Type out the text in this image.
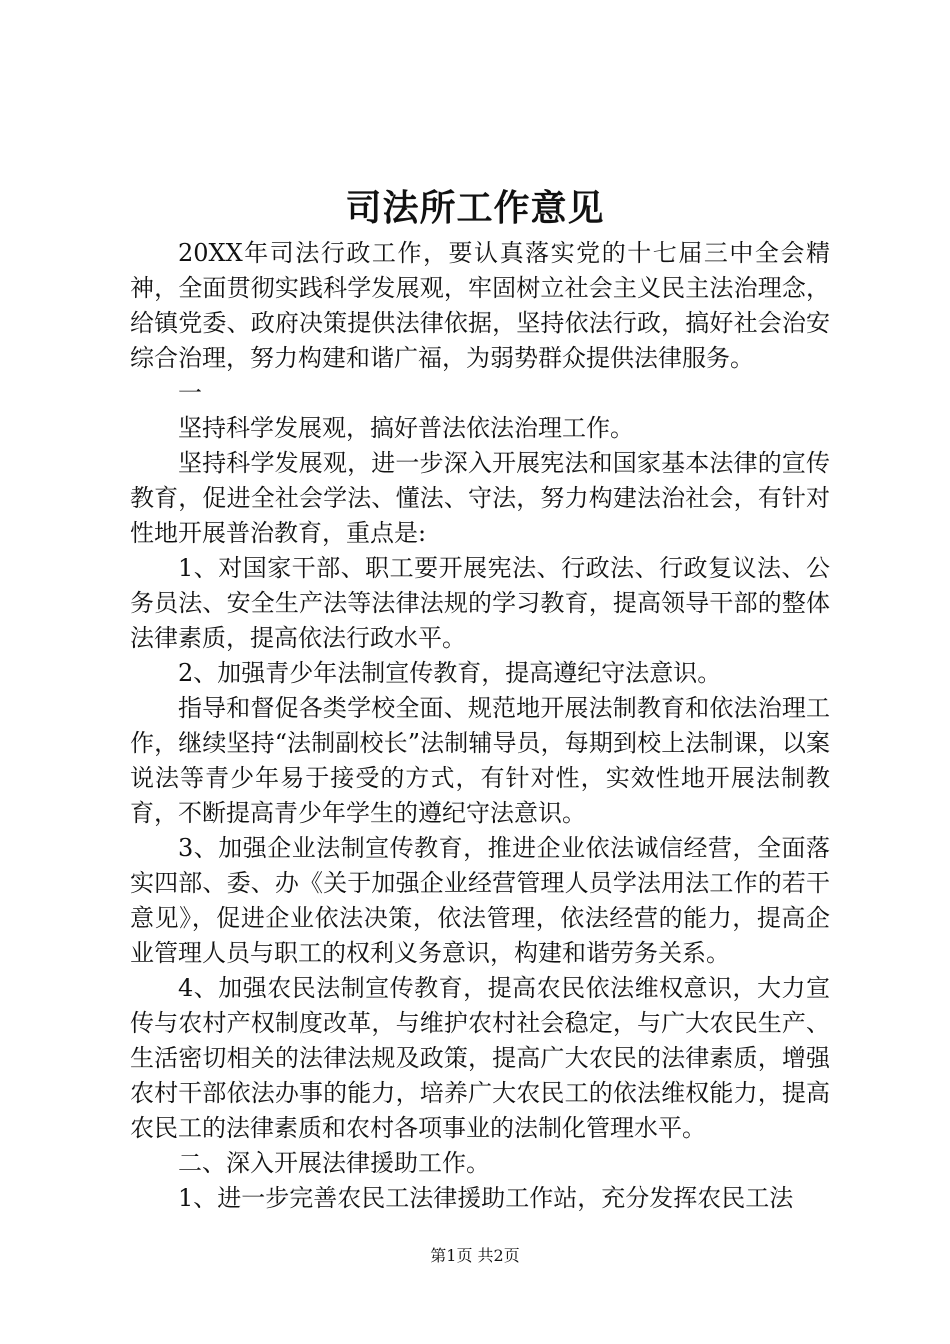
司法所工作意见

20XX年司法行政工作，要认真落实党的十七届三中全会精神，全面贯彻实践科学发展观，牢固树立社会主义民主法治理念，给镇党委、政府决策提供法律依据，坚持依法行政，搞好社会治安综合治理，努力构建和谐广福，为弱势群众提供法律服务。

一

坚持科学发展观，搞好普法依法治理工作。

坚持科学发展观，进一步深入开展宪法和国家基本法律的宣传教育，促进全社会学法、懂法、守法，努力构建法治社会，有针对性地开展普治教育，重点是:

1、对国家干部、职工要开展宪法、行政法、行政复议法、公务员法、安全生产法等法律法规的学习教育，提高领导干部的整体法律素质，提高依法行政水平。

2、加强青少年法制宣传教育，提高遵纪守法意识。

指导和督促各类学校全面、规范地开展法制教育和依法治理工作，继续坚持“法制副校长”法制辅导员，每期到校上法制课，以案说法等青少年易于接受的方式，有针对性，实效性地开展法制教育，不断提高青少年学生的遵纪守法意识。

3、加强企业法制宣传教育，推进企业依法诚信经营，全面落实四部、委、办《关于加强企业经营管理人员学法用法工作的若干意见》，促进企业依法决策，依法管理，依法经营的能力，提高企业管理人员与职工的权利义务意识，构建和谐劳务关系。

4、加强农民法制宣传教育，提高农民依法维权意识，大力宣传与农村产权制度改革，与维护农村社会稳定，与广大农民生产、生活密切相关的法律法规及政策，提高广大农民的法律素质，增强农村干部依法办事的能力，培养广大农民工的依法维权能力，提高农民工的法律素质和农村各项事业的法制化管理水平。

二、深入开展法律援助工作。

1、进一步完善农民工法律援助工作站，充分发挥农民工法

第1页 共2页
